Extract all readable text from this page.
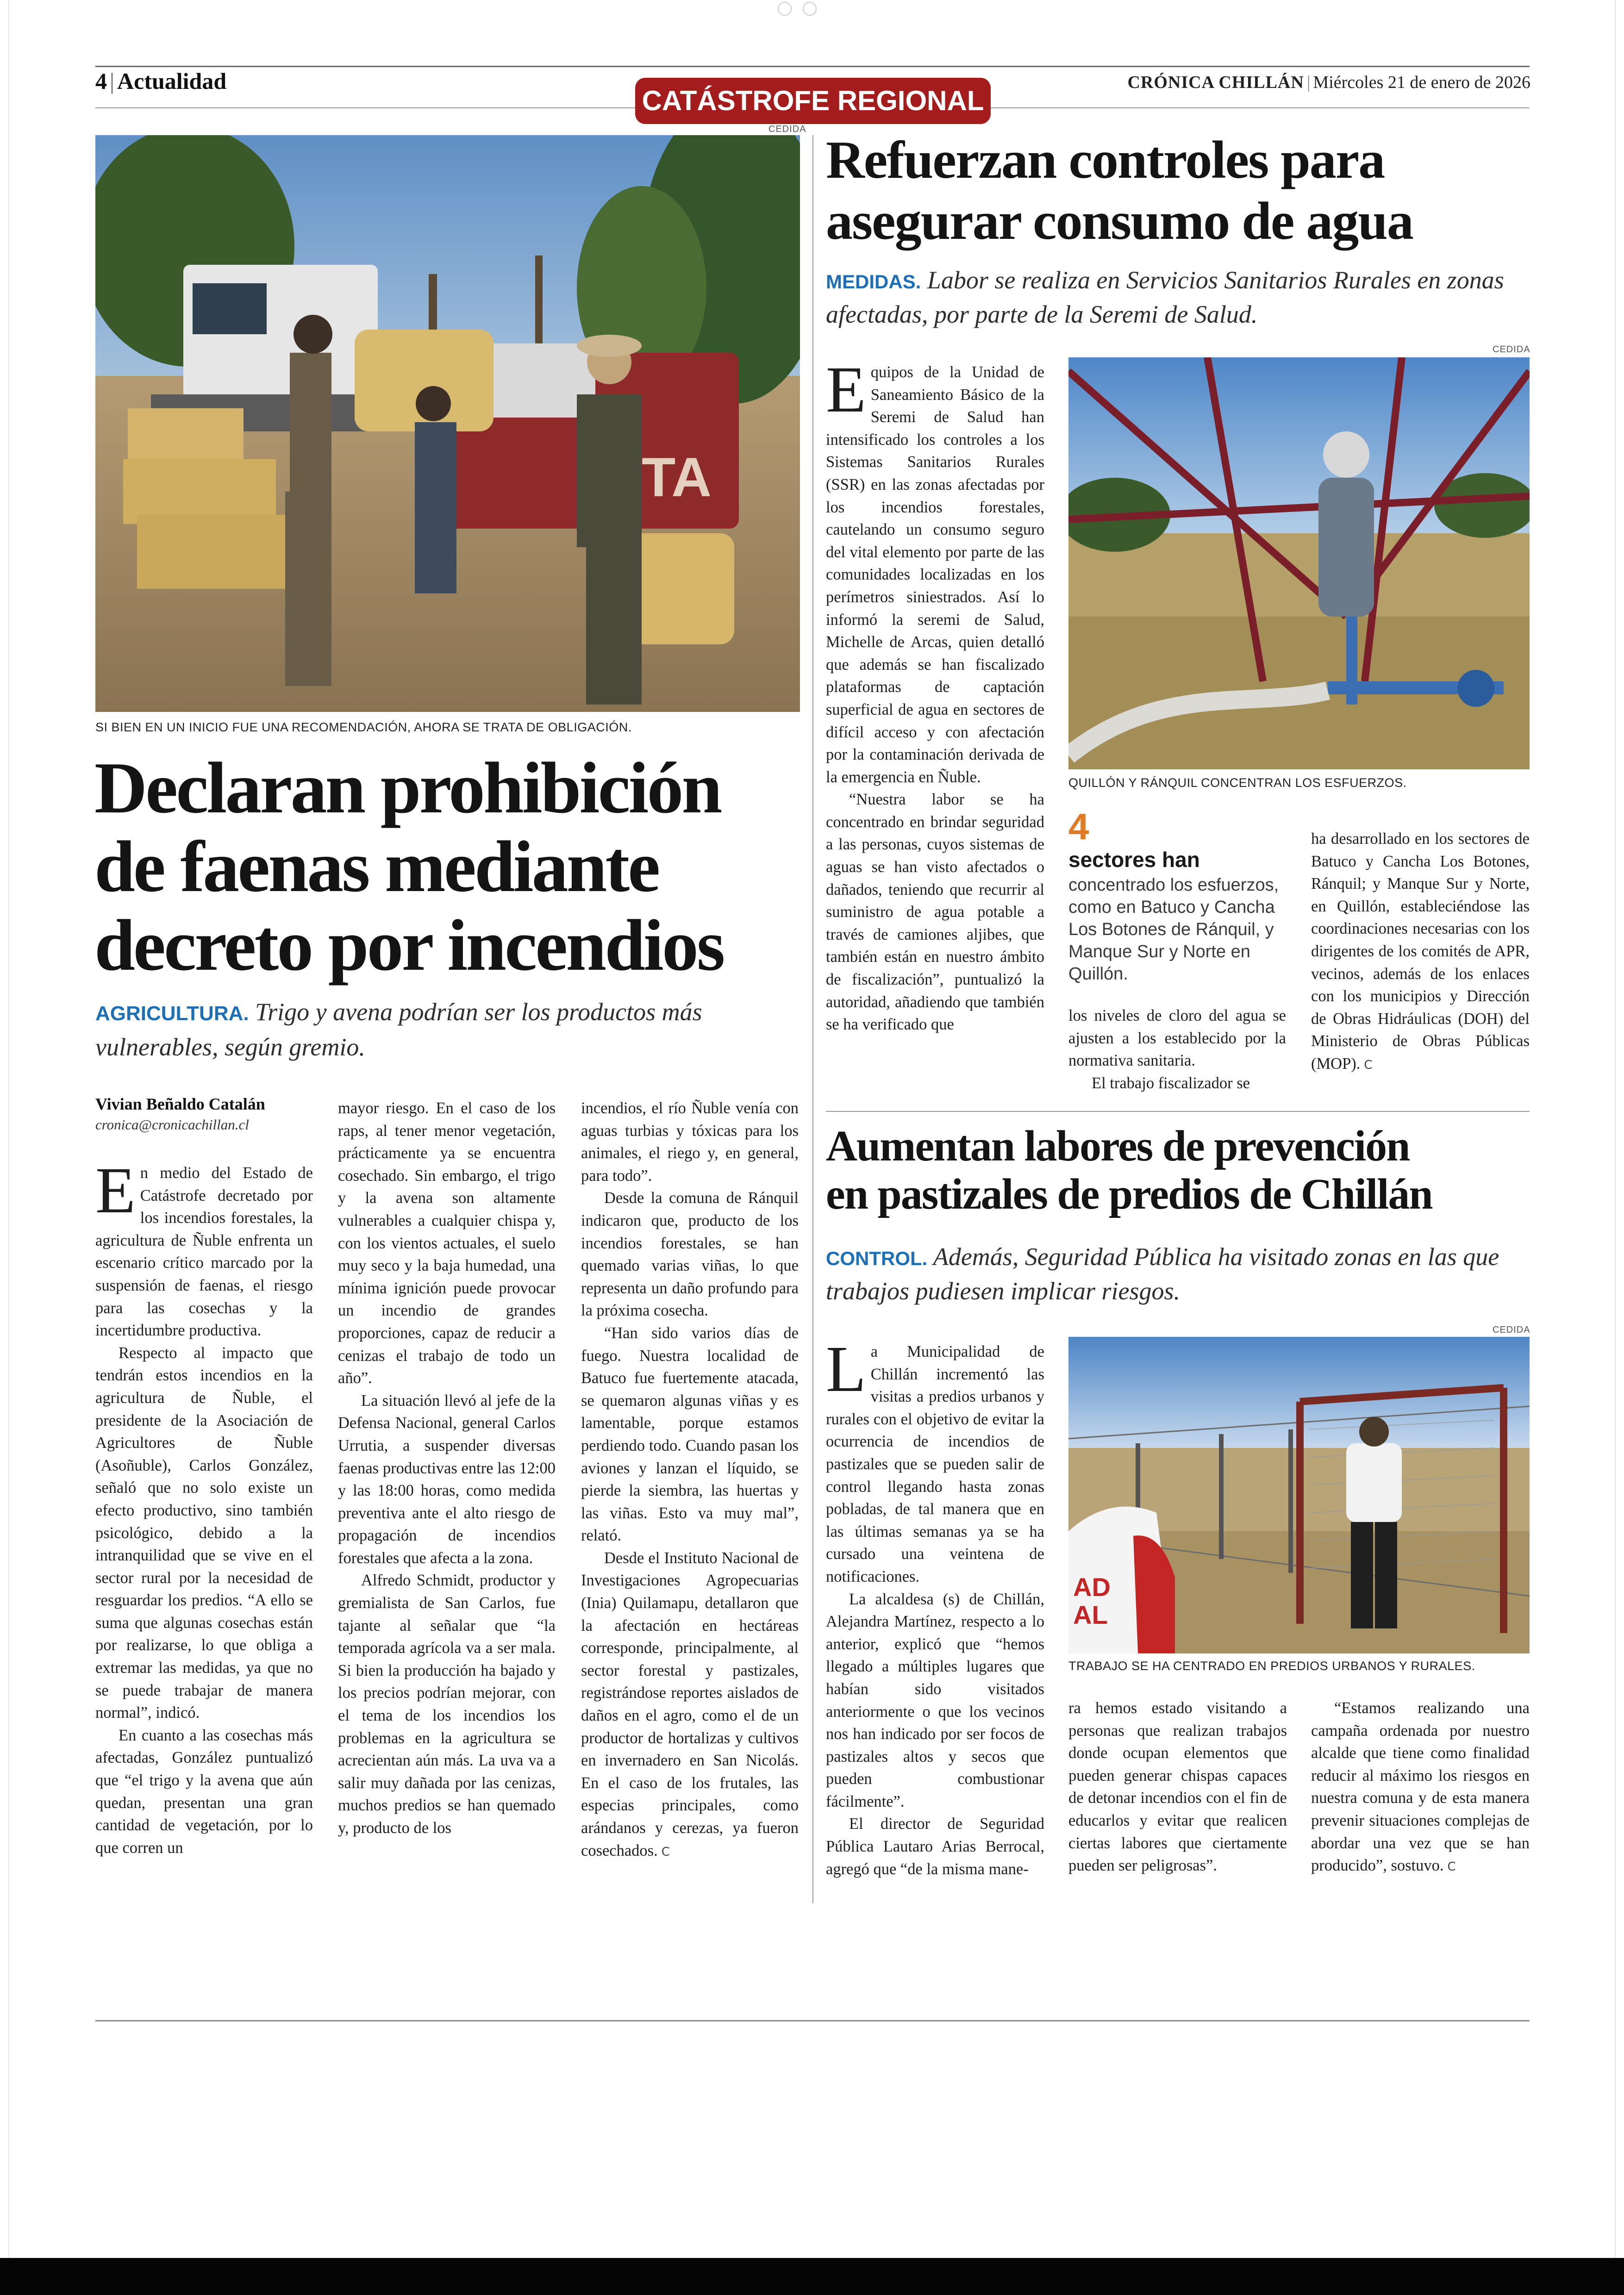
4 | Actualidad	CRÓNICA CHILLÁN | Miércoles 21 de enero de 2026
CATÁSTROFE REGIONAL
CEDIDA
TA
SI BIEN EN UN INICIO FUE UNA RECOMENDACIÓN, AHORA SE TRATA DE OBLIGACIÓN.
Declaran prohibición
de faenas mediante
decreto por incendios
AGRICULTURA. Trigo y avena podrían ser los productos más vulnerables, según gremio.
Vivian Beñaldo Catalán
cronica@cronicachillan.cl

En medio del Estado de Catástrofe decretado por los incendios forestales, la agricultura de Ñuble enfrenta un escenario crítico marcado por la suspensión de faenas, el riesgo para las cosechas y la incertidumbre productiva.

Respecto al impacto que tendrán estos incendios en la agricultura de Ñuble, el presidente de la Asociación de Agricultores de Ñuble (Asoñuble), Carlos González, señaló que no solo existe un efecto productivo, sino también psicológico, debido a la intranquilidad que se vive en el sector rural por la necesidad de resguardar los predios. “A ello se suma que algunas cosechas están por realizarse, lo que obliga a extremar las medidas, ya que no se puede trabajar de manera normal”, indicó.

En cuanto a las cosechas más afectadas, González puntualizó que “el trigo y la avena que aún quedan, presentan una gran cantidad de vegetación, por lo que corren un

mayor riesgo. En el caso de los raps, al tener menor vegetación, prácticamente ya se encuentra cosechado. Sin embargo, el trigo y la avena son altamente vulnerables a cualquier chispa y, con los vientos actuales, el suelo muy seco y la baja humedad, una mínima ignición puede provocar un incendio de grandes proporciones, capaz de reducir a cenizas el trabajo de todo un año”.

La situación llevó al jefe de la Defensa Nacional, general Carlos Urrutia, a suspender diversas faenas productivas entre las 12:00 y las 18:00 horas, como medida preventiva ante el alto riesgo de propagación de incendios forestales que afecta a la zona.

Alfredo Schmidt, productor y gremialista de San Carlos, fue tajante al señalar que “la temporada agrícola va a ser mala. Si bien la producción ha bajado y los precios podrían mejorar, con el tema de los incendios los problemas en la agricultura se acrecientan aún más. La uva va a salir muy dañada por las cenizas, muchos predios se han quemado y, producto de los

incendios, el río Ñuble venía con aguas turbias y tóxicas para los animales, el riego y, en general, para todo”.

Desde la comuna de Ránquil indicaron que, producto de los incendios forestales, se han quemado varias viñas, lo que representa un daño profundo para la próxima cosecha.

“Han sido varios días de fuego. Nuestra localidad de Batuco fue fuertemente atacada, se quemaron algunas viñas y es lamentable, porque estamos perdiendo todo. Cuando pasan los aviones y lanzan el líquido, se pierde la siembra, las huertas y las viñas. Esto va muy mal”, relató.

Desde el Instituto Nacional de Investigaciones Agropecuarias (Inia) Quilamapu, detallaron que la afectación en hectáreas corresponde, principalmente, al sector forestal y pastizales, registrándose reportes aislados de daños en el agro, como el de un productor de hortalizas y cultivos en invernadero en San Nicolás. En el caso de los frutales, las especias principales, como arándanos y cerezas, ya fueron cosechados. C

Refuerzan controles para
asegurar consumo de agua
MEDIDAS. Labor se realiza en Servicios Sanitarios Rurales en zonas afectadas, por parte de la Seremi de Salud.
CEDIDA
QUILLÓN Y RÁNQUIL CONCENTRAN LOS ESFUERZOS.

Equipos de la Unidad de Saneamiento Básico de la Seremi de Salud han intensificado los controles a los Sistemas Sanitarios Rurales (SSR) en las zonas afectadas por los incendios forestales, cautelando un consumo seguro del vital elemento por parte de las comunidades localizadas en los perímetros siniestrados. Así lo informó la seremi de Salud, Michelle de Arcas, quien detalló que además se han fiscalizado plataformas de captación superficial de agua en sectores de difícil acceso y con afectación por la contaminación derivada de la emergencia en Ñuble.

“Nuestra labor se ha concentrado en brindar seguridad a las personas, cuyos sistemas de aguas se han visto afectados o dañados, teniendo que recurrir al suministro de agua potable a través de camiones aljibes, que también están en nuestro ámbito de fiscalización”, puntualizó la autoridad, añadiendo que también se ha verificado que

4
sectores han
concentrado los esfuerzos, como en Batuco y Cancha Los Botones de Ránquil, y Manque Sur y Norte en Quillón.

los niveles de cloro del agua se ajusten a los establecido por la normativa sanitaria.

El trabajo fiscalizador se

ha desarrollado en los sectores de Batuco y Cancha Los Botones, Ránquil; y Manque Sur y Norte, en Quillón, estableciéndose las coordinaciones necesarias con los dirigentes de los comités de APR, vecinos, además de los enlaces con los municipios y Dirección de Obras Hidráulicas (DOH) del Ministerio de Obras Públicas (MOP). C

Aumentan labores de prevención
en pastizales de predios de Chillán
CONTROL. Además, Seguridad Pública ha visitado zonas en las que trabajos pudiesen implicar riesgos.
CEDIDA
AD
AL
TRABAJO SE HA CENTRADO EN PREDIOS URBANOS Y RURALES.

La Municipalidad de Chillán incrementó las visitas a predios urbanos y rurales con el objetivo de evitar la ocurrencia de incendios de pastizales que se pueden salir de control llegando hasta zonas pobladas, de tal manera que en las últimas semanas ya se ha cursado una veintena de notificaciones.

La alcaldesa (s) de Chillán, Alejandra Martínez, respecto a lo anterior, explicó que “hemos llegado a múltiples lugares que habían sido visitados anteriormente o que los vecinos nos han indicado por ser focos de pastizales altos y secos que pueden combustionar fácilmente”.

El director de Seguridad Pública Lautaro Arias Berrocal, agregó que “de la misma mane-

ra hemos estado visitando a personas que realizan trabajos donde ocupan elementos que pueden generar chispas capaces de detonar incendios con el fin de educarlos y evitar que realicen ciertas labores que ciertamente pueden ser peligrosas”.

“Estamos realizando una campaña ordenada por nuestro alcalde que tiene como finalidad reducir al máximo los riesgos en nuestra comuna y de esta manera prevenir situaciones complejas de abordar una vez que se han producido”, sostuvo. C
